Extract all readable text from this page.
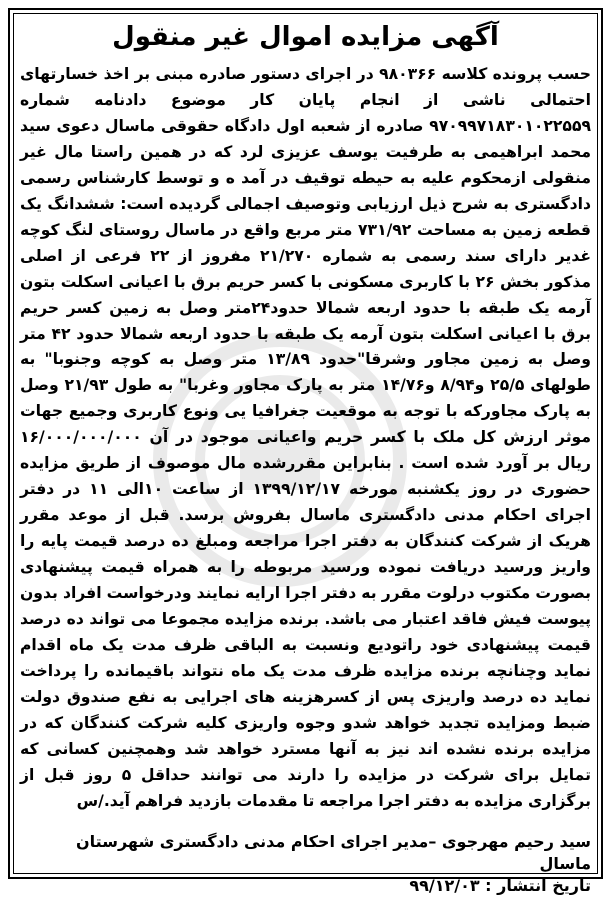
آگهی مزایده اموال غیر منقول

حسب پرونده کلاسه ۹۸۰۳۶۶ در اجرای دستور صادره مبنی بر اخذ خسارتهای احتمالی ناشی از انجام پایان کار موضوع دادنامه شماره ۹۷۰۹۹۷۱۸۳۰۱۰۲۲۵۵۹ صادره از شعبه اول دادگاه حقوقی ماسال دعوی سید محمد ابراهیمی به طرفیت یوسف عزیزی لرد که در همین راستا مال غیر منقولی ازمحکوم علیه به حیطه توقیف در آمد ه و توسط کارشناس رسمی دادگستری به شرح ذیل ارزیابی وتوصیف اجمالی گردیده است: ششدانگ یک قطعه زمین به مساحت ۷۳۱/۹۲ متر مربع واقع در ماسال روستای لنگ کوچه غدیر دارای سند رسمی به شماره ۲۱/۲۷۰ مفروز از ۲۲ فرعی از اصلی مذکور بخش ۲۶ با کاربری مسکونی با کسر حریم برق با اعیانی اسکلت بتون آرمه یک طبقه با حدود اربعه شمالا حدود۲۴متر وصل به زمین کسر حریم برق با اعیانی اسکلت بتون آرمه یک طبقه با حدود اربعه شمالا حدود ۴۲ متر وصل به زمین مجاور وشرقا"حدود ۱۳/۸۹ متر وصل به کوچه وجنوبا" به طولهای ۲۵/۵ و۸/۹۴ و۱۴/۷۶ متر به پارک مجاور وغربا" به طول ۲۱/۹۳ وصل به پارک مجاورکه با توجه به موقعیت جغرافیا یی ونوع کاربری وجمیع جهات موثر ارزش کل ملک با کسر حریم واعیانی موجود در آن ۱۶/۰۰۰/۰۰۰/۰۰۰ ریال بر آورد شده است . بنابراین مقررشده مال موصوف از طریق مزایده حضوری در روز یکشنبه مورخه ۱۳۹۹/۱۲/۱۷ از ساعت ۱۰الی ۱۱ در دفتر اجرای احکام مدنی دادگستری ماسال بفروش برسد. قبل از موعد مقرر هریک از شرکت کنندگان به دفتر اجرا مراجعه ومبلغ ده درصد قیمت پایه را واریز ورسید دریافت نموده ورسید مربوطه را به همراه قیمت پیشنهادی بصورت مکتوب درلوت مقرر به دفتر اجرا ارایه نمایند ودرخواست افراد بدون پیوست فیش فاقد اعتبار می باشد. برنده مزایده مجموعا می تواند ده درصد قیمت پیشنهادی خود راتودیع ونسبت به الباقی ظرف مدت یک ماه اقدام نماید وچنانچه برنده مزایده ظرف مدت یک ماه نتواند باقیمانده را پرداخت نماید ده درصد واریزی پس از کسرهزینه های اجرایی به نفع صندوق دولت ضبط ومزایده تجدید خواهد شدو وجوه واریزی کلیه شرکت کنندگان که در مزایده برنده نشده اند نیز به آنها مسترد خواهد شد وهمچنین کسانی که تمایل برای شرکت در مزایده را دارند می توانند حداقل ۵ روز قبل از برگزاری مزایده به دفتر اجرا مراجعه تا مقدمات بازدید فراهم آید./س

سید رحیم مهرجوی –مدیر اجرای احکام مدنی دادگستری شهرستان ماسال
تاریخ انتشار : ۹۹/۱۲/۰۳
